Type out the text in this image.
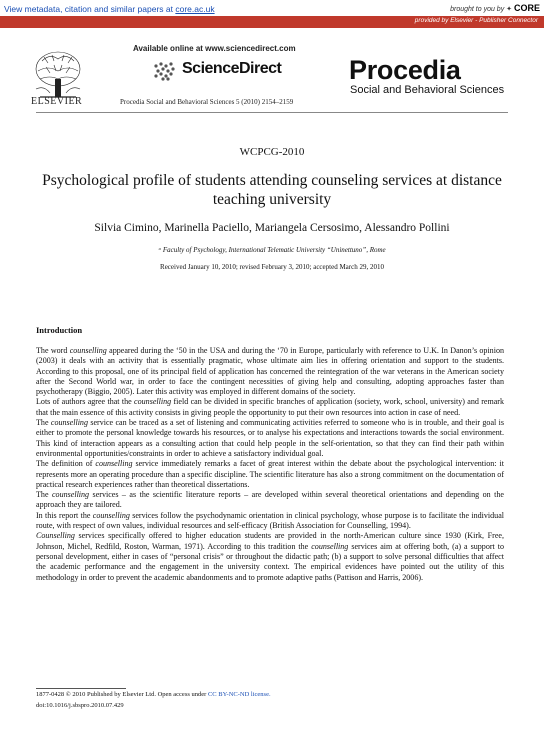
View metadata, citation and similar papers at core.ac.uk	brought to you by ✦ CORE
provided by Elsevier - Publisher Connector
ELSEVIER
Available online at www.sciencedirect.com
ScienceDirect	Procedia
Social and Behavioral Sciences
Procedia Social and Behavioral Sciences 5 (2010) 2154–2159
WCPCG-2010
Psychological profile of students attending counseling services at distance teaching university
Silvia Cimino, Marinella Paciello, Mariangela Cersosimo, Alessandro Pollini
ᵃ Faculty of Psychology, International Telematic University “Uninettuno”, Rome
Received January 10, 2010; revised February 3, 2010; accepted March 29, 2010
Introduction

The word counselling appeared during the ‘50 in the USA and during the ‘70 in Europe, particularly with reference to U.K. In Danon’s opinion (2003) it deals with an activity that is essentially pragmatic, whose ultimate aim lies in offering orientation and support to the students. According to this proposal, one of its principal field of application has concerned the reintegration of the war veterans in the American society after the Second World war, in order to face the contingent necessities of giving help and consulting, adopting approaches faster than psychotherapy (Biggio, 2005). Later this activity was employed in different domains of the society.

Lots of authors agree that the counselling field can be divided in specific branches of application (society, work, school, university) and remark that the main essence of this activity consists in giving people the opportunity to put their own resources into action in case of need.

The counselling service can be traced as a set of listening and communicating activities referred to someone who is in trouble, and their goal is either to promote the personal knowledge towards his resources, or to analyse his expectations and interactions towards the social environment. This kind of interaction appears as a consulting action that could help people in the self-orientation, so that they can find their path within environmental opportunities/constraints in order to achieve a satisfactory individual goal.

The definition of counselling service immediately remarks a facet of great interest within the debate about the psychological intervention: it represents more an operating procedure than a specific discipline. The scientific literature has also a strong commitment on the documentation of practical research experiences rather than theoretical dissertations.

The counselling services – as the scientific literature reports – are developed within several theoretical orientations and depending on the approach they are tailored.

In this report the counselling services follow the psychodynamic orientation in clinical psychology, whose purpose is to facilitate the individual route, with respect of own values, individual resources and self-efficacy (British Association for Counselling, 1994).

Counselling services specifically offered to higher education students are provided in the north-American culture since 1930 (Kirk, Free, Johnson, Michel, Redfild, Roston, Warman, 1971). According to this tradition the counselling services aim at offering both, (a) a support to personal development, either in cases of “personal crisis” or throughout the didactic path; (b) a support to solve personal difficulties that affect the academic performance and the engagement in the university context. The empirical evidences have pointed out the utility of this methodology in order to prevent the academic abandonments and to promote adaptive paths (Pattison and Harris, 2006).

1877-0428 © 2010 Published by Elsevier Ltd. Open access under CC BY-NC-ND license.
doi:10.1016/j.sbspro.2010.07.429
